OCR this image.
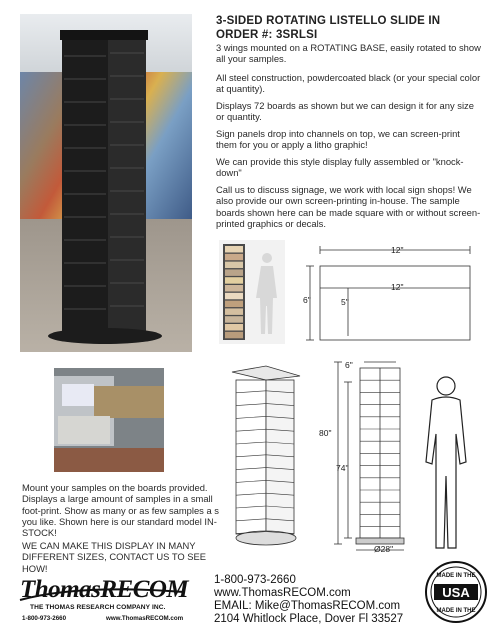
3-SIDED ROTATING LISTELLO SLIDE IN
ORDER #: 3SRLSI
3 wings mounted on a ROTATING BASE, easily rotated to show all your samples.
All steel construction, powdercoated black (or your special color at quantity).
Displays 72 boards as shown but we can design it for any size or quantity.
Sign panels drop into channels on top, we can screen-print them for you or apply a litho graphic!
We can provide this style display fully assembled or "knock-down"
Call us to discuss signage, we work with local sign shops! We also provide our own screen-printing in-house. The sample boards shown here can be made square with or without screen-printed graphics or decals.
12"
12"
6"	5"
6"
80"
74"
Ø28"
Mount your samples on the boards provided. Displays a large amount of samples in a small foot-print. Show as many or as few samples a s you like. Shown here is our standard model IN-STOCK!
WE CAN MAKE THIS DISPLAY IN MANY DIFFERENT SIZES, CONTACT US TO SEE HOW!
ThomasRECOM
THE THOMAS RESEARCH COMPANY INC.
1-800-973-2660	www.ThomasRECOM.com
1-800-973-2660
www.ThomasRECOM.com
EMAIL: Mike@ThomasRECOM.com
2104 Whitlock Place, Dover Fl 33527
USA
MADE IN THE
MADE IN THE
